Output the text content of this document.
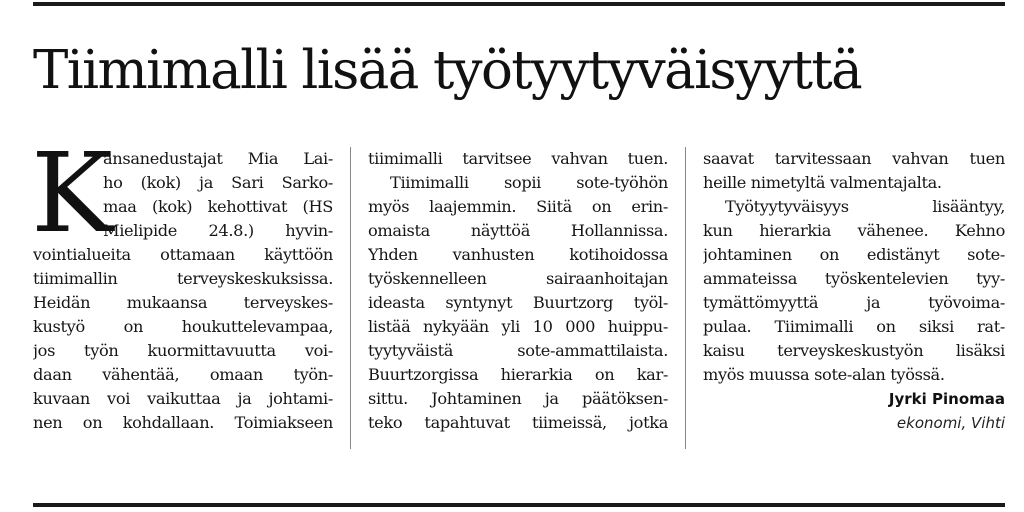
Tiimimalli lisää työtyytyväisyyttä
K
ansanedustajat Mia Lai-
ho (kok) ja Sari Sarko-
maa (kok) kehottivat (HS
Mielipide 24.8.) hyvin-
vointialueita ottamaan käyttöön
tiimimallin terveyskeskuksissa.
Heidän mukaansa terveyskes-
kustyö on houkuttelevampaa,
jos työn kuormittavuutta voi-
daan vähentää, omaan työn-
kuvaan voi vaikuttaa ja johtami-
nen on kohdallaan. Toimiakseen
tiimimalli tarvitsee vahvan tuen.
Tiimimalli sopii sote-työhön
myös laajemmin. Siitä on erin-
omaista näyttöä Hollannissa.
Yhden vanhusten kotihoidossa
työskennelleen sairaanhoitajan
ideasta syntynyt Buurtzorg työl-
listää nykyään yli 10 000 huippu-
tyytyväistä sote-ammattilaista.
Buurtzorgissa hierarkia on kar-
sittu. Johtaminen ja päätöksen-
teko tapahtuvat tiimeissä, jotka
saavat tarvitessaan vahvan tuen
heille nimetyltä valmentajalta.
Työtyytyväisyys lisääntyy,
kun hierarkia vähenee. Kehno
johtaminen on edistänyt sote-
ammateissa työskentelevien tyy-
tymättömyyttä ja työvoima-
pulaa. Tiimimalli on siksi rat-
kaisu terveyskeskustyön lisäksi
myös muussa sote-alan työssä.
Jyrki Pinomaa
ekonomi, Vihti
